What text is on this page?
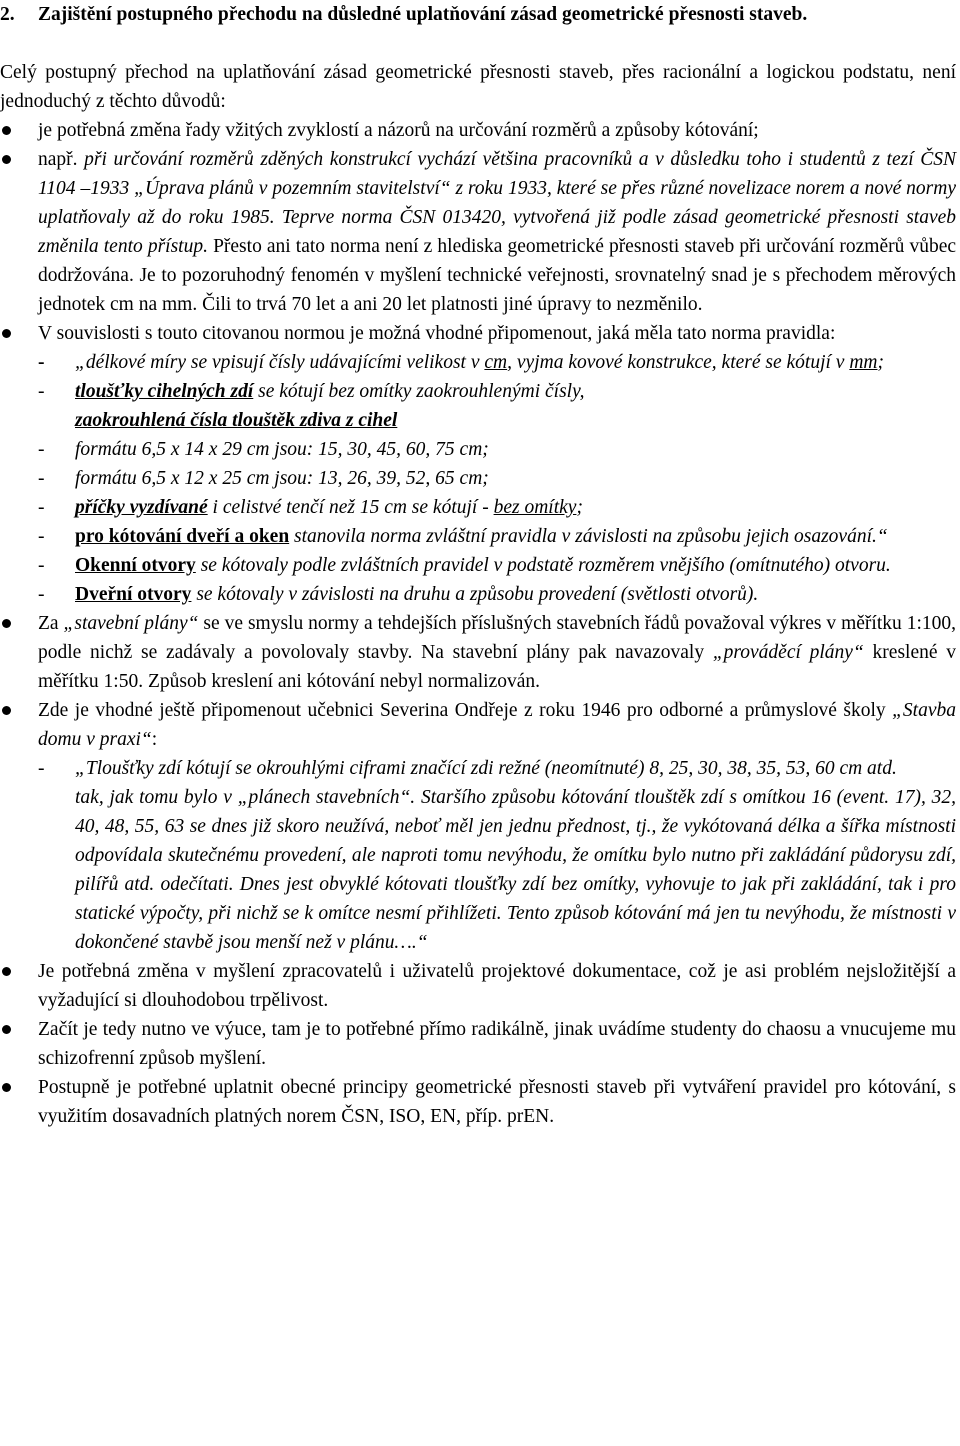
2. Zajištění postupného přechodu na důsledné uplatňování zásad geometrické přesnosti staveb.

Celý postupný přechod na uplatňování zásad geometrické přesnosti staveb, přes racionální a logickou podstatu, není jednoduchý z těchto důvodů:

je potřebná změna řady vžitých zvyklostí a názorů na určování rozměrů a způsoby kótování;
např. při určování rozměrů zděných konstrukcí vychází většina pracovníků a v důsledku toho i studentů z tezí ČSN 1104 –1933 „Úprava plánů v pozemním stavitelství“ z roku 1933, které se přes různé novelizace norem a nové normy uplatňovaly až do roku 1985. Teprve norma ČSN 013420, vytvořená již podle zásad geometrické přesnosti staveb změnila tento přístup. Přesto ani tato norma není z hlediska geometrické přesnosti staveb při určování rozměrů vůbec dodržována. Je to pozoruhodný fenomén v myšlení technické veřejnosti, srovnatelný snad je s přechodem měrových jednotek cm na mm. Čili to trvá 70 let a ani 20 let platnosti jiné úpravy to nezměnilo.
V souvislosti s touto citovanou normou je možná vhodné připomenout, jaká měla tato norma pravidla:
- „délkové míry se vpisují čísly udávajícími velikost v cm, vyjma kovové konstrukce, které se kótují v mm;
- tloušťky cihelných zdí se kótují bez omítky zaokrouhlenými čísly,
zaokrouhlená čísla tlouštěk zdiva z cihel
- formátu 6,5 x 14 x 29 cm jsou: 15, 30, 45, 60, 75 cm;
- formátu 6,5 x 12 x 25 cm jsou: 13, 26, 39, 52, 65 cm;
- příčky vyzdívané i celistvé tenčí než 15 cm se kótují - bez omítky;
- pro kótování dveří a oken stanovila norma zvláštní pravidla v závislosti na způsobu jejich osazování.“
- Okenní otvory se kótovaly podle zvláštních pravidel v podstatě rozměrem vnějšího (omítnutého) otvoru.
- Dveřní otvory se kótovaly v závislosti na druhu a způsobu provedení (světlosti otvorů).
Za „stavební plány“ se ve smyslu normy a tehdejších příslušných stavebních řádů považoval výkres v měřítku 1:100, podle nichž se zadávaly a povolovaly stavby. Na stavební plány pak navazovaly „prováděcí plány“ kreslené v měřítku 1:50. Způsob kreslení ani kótování nebyl normalizován.
Zde je vhodné ještě připomenout učebnici Severina Ondřeje z roku 1946 pro odborné a průmyslové školy „Stavba domu v praxi“:
- „Tloušťky zdí kótují se okrouhlými ciframi značící zdi režné (neomítnuté) 8, 25, 30, 38, 35, 53, 60 cm atd.
tak, jak tomu bylo v „plánech stavebních“. Staršího způsobu kótování tlouštěk zdí s omítkou 16 (event. 17), 32, 40, 48, 55, 63 se dnes již skoro neužívá, neboť měl jen jednu přednost, tj., že vykótovaná délka a šířka místnosti odpovídala skutečnému provedení, ale naproti tomu nevýhodu, že omítku bylo nutno při zakládání půdorysu zdí, pilířů atd. odečítati. Dnes jest obvyklé kótovati tloušťky zdí bez omítky, vyhovuje to jak při zakládání, tak i pro statické výpočty, při nichž se k omítce nesmí přihlížeti. Tento způsob kótování má jen tu nevýhodu, že místnosti v dokončené stavbě jsou menší než v plánu….“
Je potřebná změna v myšlení zpracovatelů i uživatelů projektové dokumentace, což je asi problém nejsložitější a vyžadující si dlouhodobou trpělivost.
Začít je tedy nutno ve výuce, tam je to potřebné přímo radikálně, jinak uvádíme studenty do chaosu a vnucujeme mu schizofrenní způsob myšlení.
Postupně je potřebné uplatnit obecné principy geometrické přesnosti staveb při vytváření pravidel pro kótování, s využitím dosavadních platných norem ČSN, ISO, EN, příp. prEN.
